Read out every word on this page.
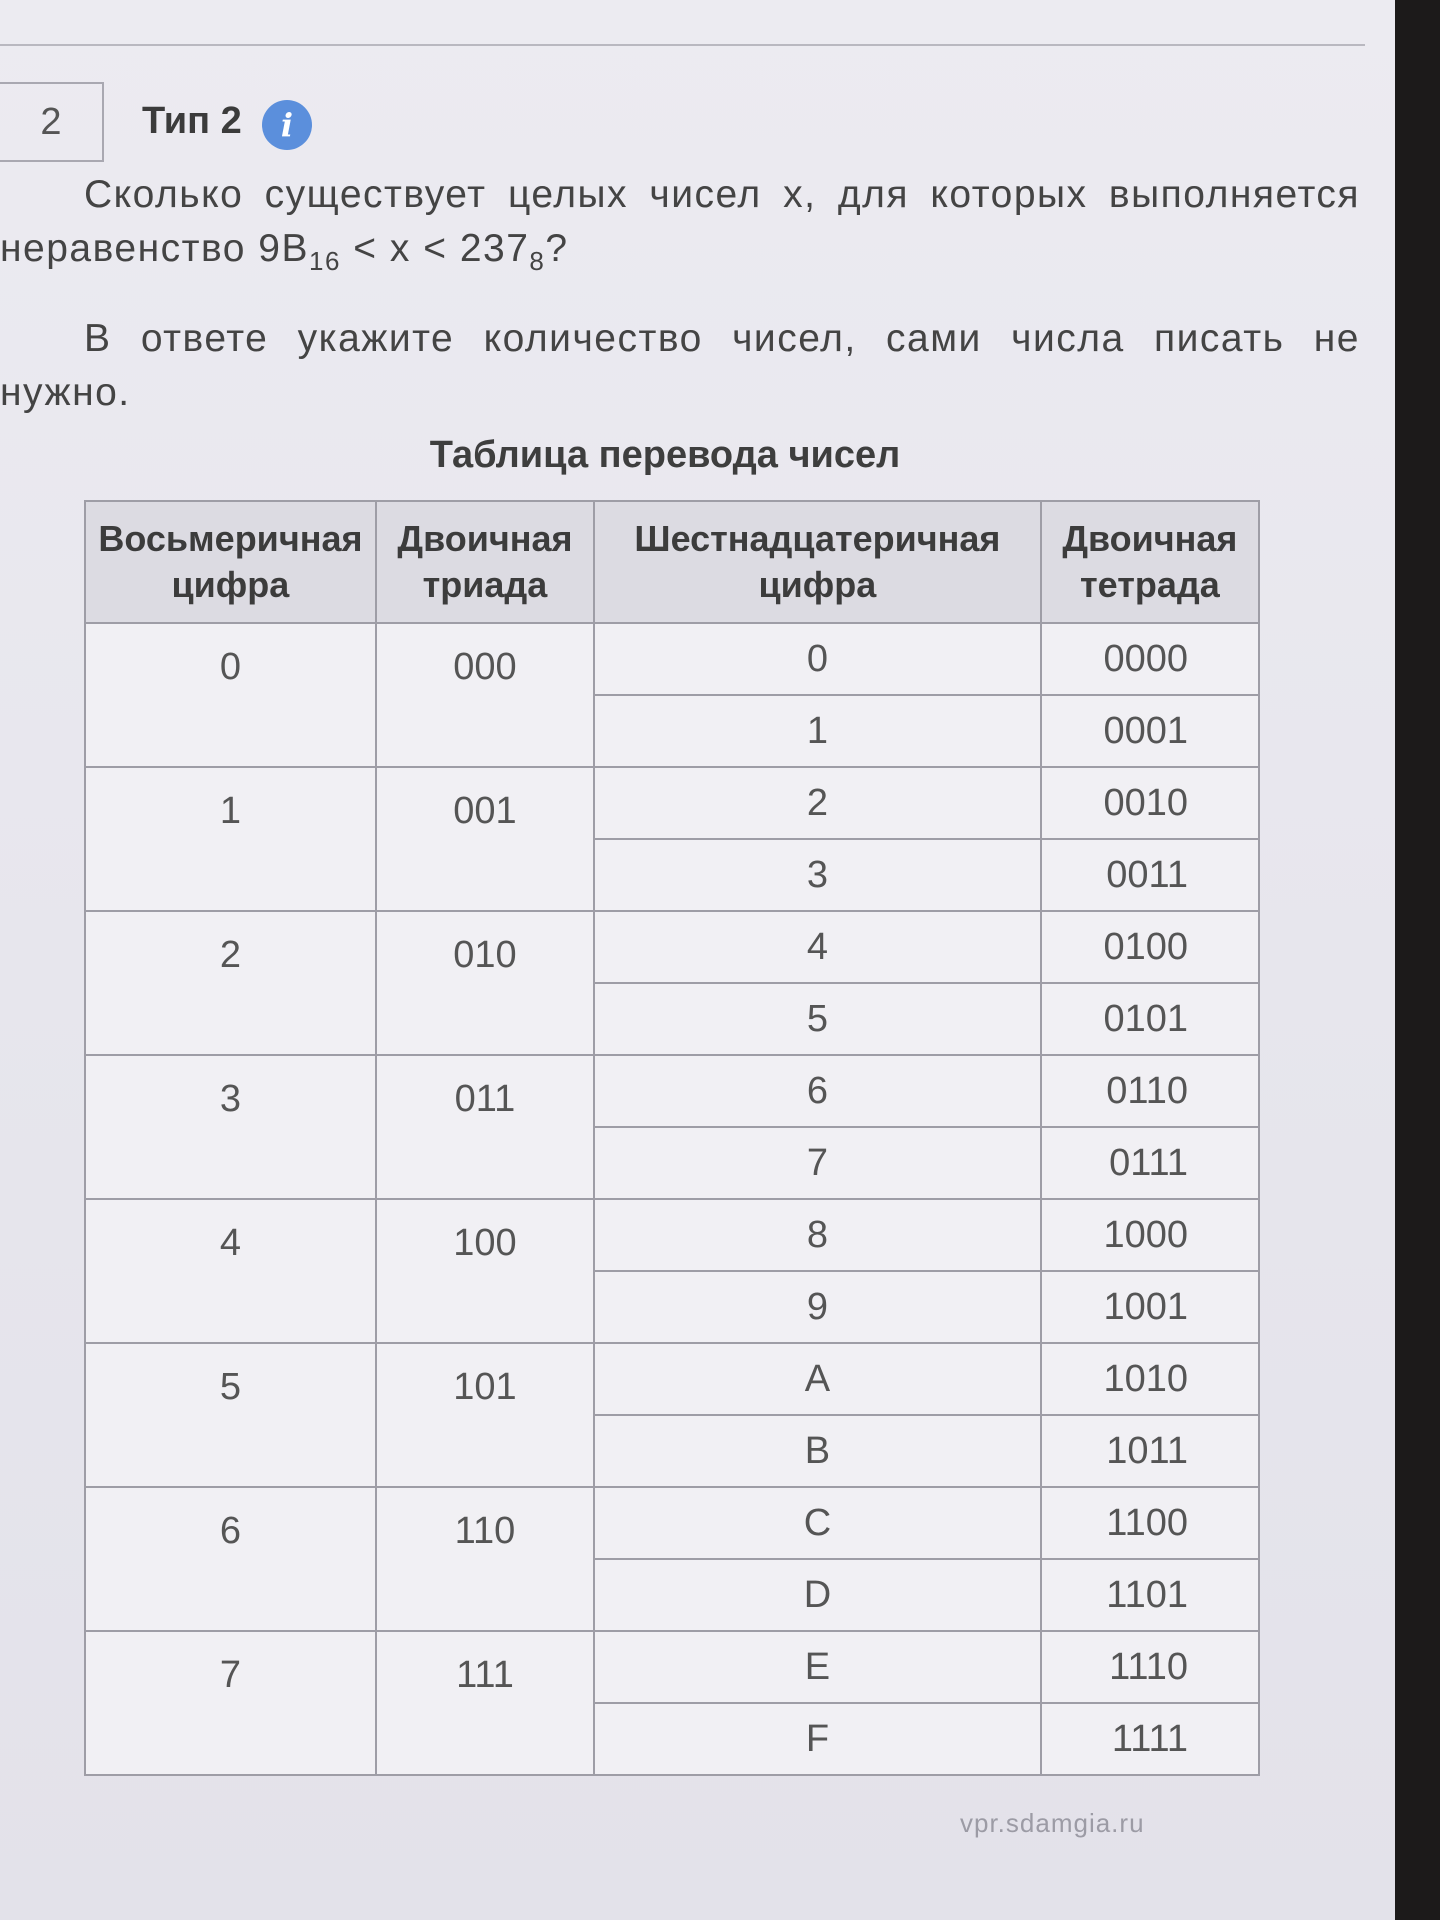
2	Тип 2	i

Сколько существует целых чисел x, для которых выполняется неравенство $9B_{16} < x < 237_8$?

В ответе укажите количество чисел, сами числа писать не нужно.

Таблица перевода чисел
Восьмеричная цифра	Двоичная триада	Шестнадцатеричная цифра	Двоичная тетрада
0	000	0	0000
		1	0001
1	001	2	0010
		3	0011
2	010	4	0100
		5	0101
3	011	6	0110
		7	0111
4	100	8	1000
		9	1001
5	101	A	1010
		B	1011
6	110	C	1100
		D	1101
7	111	E	1110
		F	1111
vpr.sdamgia.ru
